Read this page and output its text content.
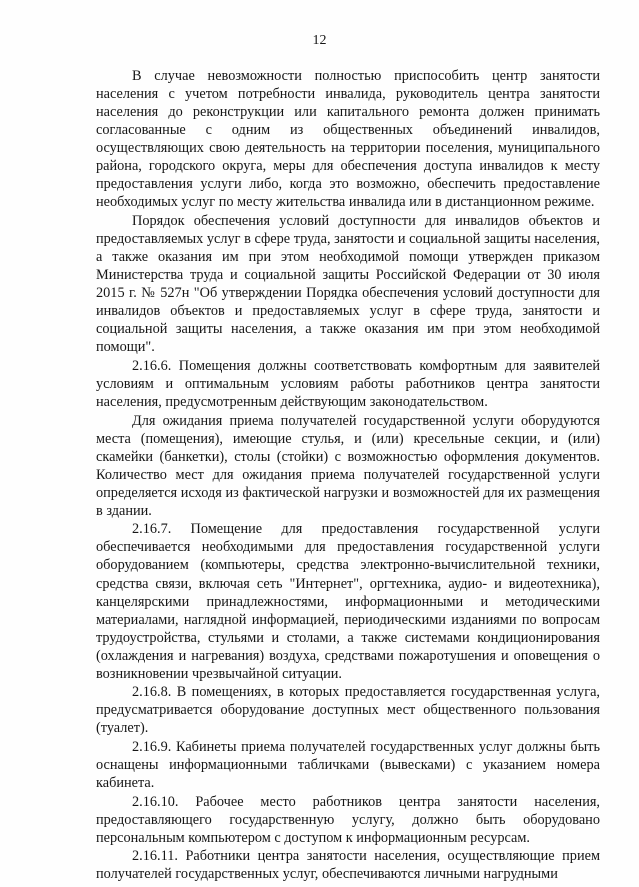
12

В случае невозможности полностью приспособить центр занятости населения с учетом потребности инвалида, руководитель центра занятости населения до реконструкции или капитального ремонта должен принимать согласованные с одним из общественных объединений инвалидов, осуществляющих свою деятельность на территории поселения, муниципального района, городского округа, меры для обеспечения доступа инвалидов к месту предоставления услуги либо, когда это возможно, обеспечить предоставление необходимых услуг по месту жительства инвалида или в дистанционном режиме.

Порядок обеспечения условий доступности для инвалидов объектов и предоставляемых услуг в сфере труда, занятости и социальной защиты населения, а также оказания им при этом необходимой помощи утвержден приказом Министерства труда и социальной защиты Российской Федерации от 30 июля 2015 г. № 527н "Об утверждении Порядка обеспечения условий доступности для инвалидов объектов и предоставляемых услуг в сфере труда, занятости и социальной защиты населения, а также оказания им при этом необходимой помощи".

2.16.6. Помещения должны соответствовать комфортным для заявителей условиям и оптимальным условиям работы работников центра занятости населения, предусмотренным действующим законодательством.

Для ожидания приема получателей государственной услуги оборудуются места (помещения), имеющие стулья, и (или) кресельные секции, и (или) скамейки (банкетки), столы (стойки) с возможностью оформления документов. Количество мест для ожидания приема получателей государственной услуги определяется исходя из фактической нагрузки и возможностей для их размещения в здании.

2.16.7. Помещение для предоставления государственной услуги обеспечивается необходимыми для предоставления государственной услуги оборудованием (компьютеры, средства электронно-вычислительной техники, средства связи, включая сеть "Интернет", оргтехника, аудио- и видеотехника), канцелярскими принадлежностями, информационными и методическими материалами, наглядной информацией, периодическими изданиями по вопросам трудоустройства, стульями и столами, а также системами кондиционирования (охлаждения и нагревания) воздуха, средствами пожаротушения и оповещения о возникновении чрезвычайной ситуации.

2.16.8. В помещениях, в которых предоставляется государственная услуга, предусматривается оборудование доступных мест общественного пользования (туалет).

2.16.9. Кабинеты приема получателей государственных услуг должны быть оснащены информационными табличками (вывесками) с указанием номера кабинета.

2.16.10. Рабочее место работников центра занятости населения, предоставляющего государственную услугу, должно быть оборудовано персональным компьютером с доступом к информационным ресурсам.

2.16.11. Работники центра занятости населения, осуществляющие прием получателей государственных услуг, обеспечиваются личными нагрудными
